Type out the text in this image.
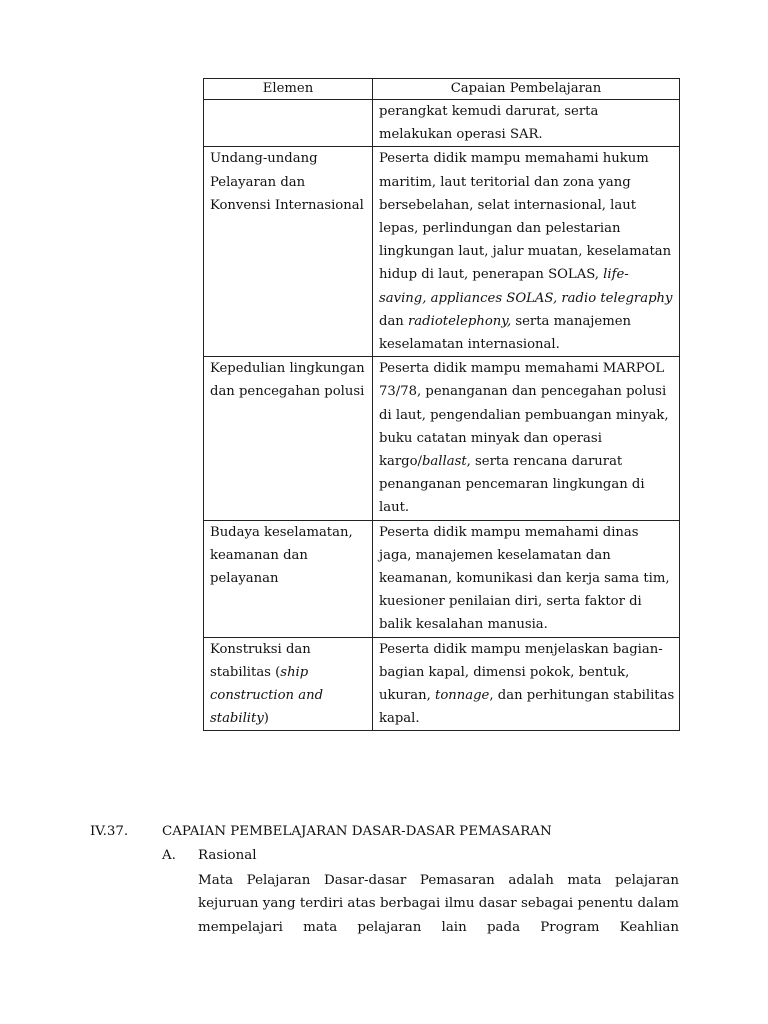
Elemen	Capaian Pembelajaran
	perangkat kemudi darurat, serta melakukan operasi SAR.
Undang-undang Pelayaran dan Konvensi Internasional	Peserta didik mampu memahami hukum maritim, laut teritorial dan zona yang bersebelahan, selat internasional, laut lepas, perlindungan dan pelestarian lingkungan laut, jalur muatan, keselamatan hidup di laut, penerapan SOLAS, life-saving, appliances SOLAS, radio telegraphy dan radiotelephony, serta manajemen keselamatan internasional.
Kepedulian lingkungan dan pencegahan polusi	Peserta didik mampu memahami MARPOL 73/78, penanganan dan pencegahan polusi di laut, pengendalian pembuangan minyak, buku catatan minyak dan operasi kargo/ballast, serta rencana darurat penanganan pencemaran lingkungan di laut.
Budaya keselamatan, keamanan dan pelayanan	Peserta didik mampu memahami dinas jaga, manajemen keselamatan dan keamanan, komunikasi dan kerja sama tim, kuesioner penilaian diri, serta faktor di balik kesalahan manusia.
Konstruksi dan stabilitas (ship construction and stability)	Peserta didik mampu menjelaskan bagian-bagian kapal, dimensi pokok, bentuk, ukuran, tonnage, dan perhitungan stabilitas kapal.
IV.37.	CAPAIAN PEMBELAJARAN DASAR-DASAR PEMASARAN
A. Rasional

Mata Pelajaran Dasar-dasar Pemasaran adalah mata pelajaran kejuruan yang terdiri atas berbagai ilmu dasar sebagai penentu dalam mempelajari mata pelajaran lain pada Program Keahlian
